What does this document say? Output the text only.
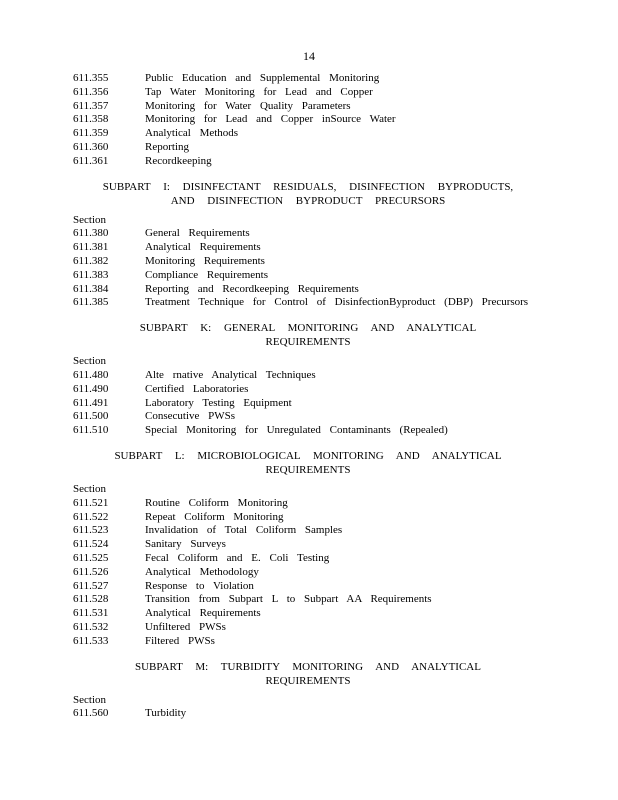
14
611.355	Public Education and Supplemental Monitoring
611.356	Tap Water Monitoring for Lead and Copper
611.357	Monitoring for Water Quality Parameters
611.358	Monitoring for Lead and Copper inSource Water
611.359	Analytical Methods
611.360	Reporting
611.361	Recordkeeping
SUBPART I: DISINFECTANT RESIDUALS, DISINFECTION BYPRODUCTS,
AND DISINFECTION BYPRODUCT PRECURSORS
Section
611.380	General Requirements
611.381	Analytical Requirements
611.382	Monitoring Requirements
611.383	Compliance Requirements
611.384	Reporting and Recordkeeping Requirements
611.385	Treatment Technique for Control of DisinfectionByproduct (DBP) Precursors
SUBPART K: GENERAL MONITORING AND ANALYTICAL
REQUIREMENTS
Section
611.480	Alte rnative Analytical Techniques
611.490	Certified Laboratories
611.491	Laboratory Testing Equipment
611.500	Consecutive PWSs
611.510	Special Monitoring for Unregulated Contaminants (Repealed)
SUBPART L: MICROBIOLOGICAL MONITORING AND ANALYTICAL
REQUIREMENTS
Section
611.521	Routine Coliform Monitoring
611.522	Repeat Coliform Monitoring
611.523	Invalidation of Total Coliform Samples
611.524	Sanitary Surveys
611.525	Fecal Coliform and E. Coli Testing
611.526	Analytical Methodology
611.527	Response to Violation
611.528	Transition from Subpart L to Subpart AA Requirements
611.531	Analytical Requirements
611.532	Unfiltered PWSs
611.533	Filtered PWSs
SUBPART M: TURBIDITY MONITORING AND ANALYTICAL
REQUIREMENTS
Section
611.560	Turbidity
